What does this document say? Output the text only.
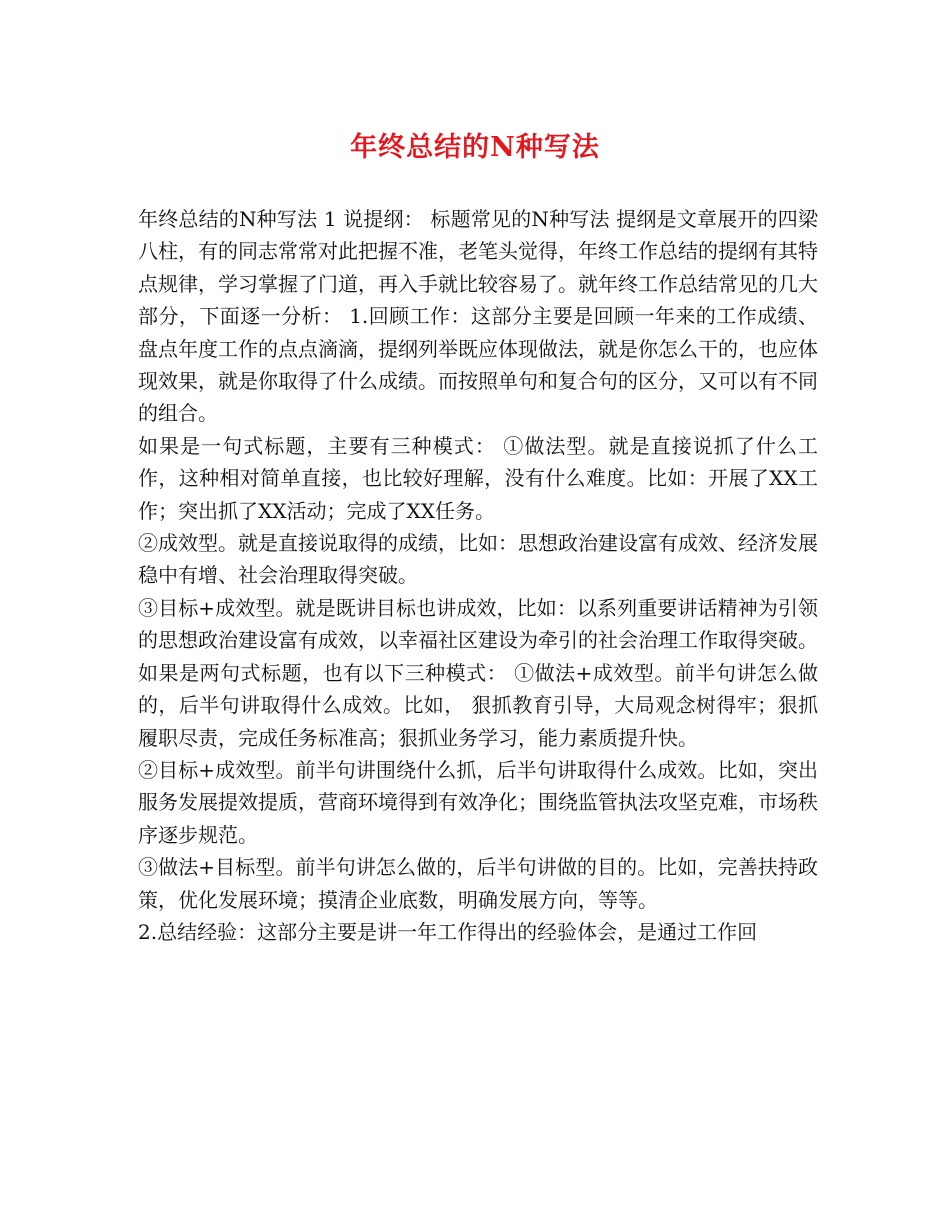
年终总结的N种写法

年终总结的N种写法 1 说提纲： 标题常见的N种写法 提纲是文章展开的四梁八柱，有的同志常常对此把握不准，老笔头觉得，年终工作总结的提纲有其特点规律，学习掌握了门道，再入手就比较容易了。就年终工作总结常见的几大部分，下面逐一分析： 1.回顾工作：这部分主要是回顾一年来的工作成绩、盘点年度工作的点点滴滴，提纲列举既应体现做法，就是你怎么干的，也应体现效果，就是你取得了什么成绩。而按照单句和复合句的区分，又可以有不同的组合。

如果是一句式标题，主要有三种模式： ①做法型。就是直接说抓了什么工作，这种相对简单直接，也比较好理解，没有什么难度。比如：开展了XX工作；突出抓了XX活动；完成了XX任务。

②成效型。就是直接说取得的成绩，比如：思想政治建设富有成效、经济发展稳中有增、社会治理取得突破。

③目标+成效型。就是既讲目标也讲成效，比如：以系列重要讲话精神为引领的思想政治建设富有成效，以幸福社区建设为牵引的社会治理工作取得突破。

如果是两句式标题，也有以下三种模式： ①做法+成效型。前半句讲怎么做的，后半句讲取得什么成效。比如， 狠抓教育引导，大局观念树得牢；狠抓履职尽责，完成任务标准高；狠抓业务学习，能力素质提升快。

②目标+成效型。前半句讲围绕什么抓，后半句讲取得什么成效。比如，突出服务发展提效提质，营商环境得到有效净化；围绕监管执法攻坚克难，市场秩序逐步规范。

③做法+目标型。前半句讲怎么做的，后半句讲做的目的。比如，完善扶持政策，优化发展环境；摸清企业底数，明确发展方向，等等。

2.总结经验：这部分主要是讲一年工作得出的经验体会，是通过工作回
